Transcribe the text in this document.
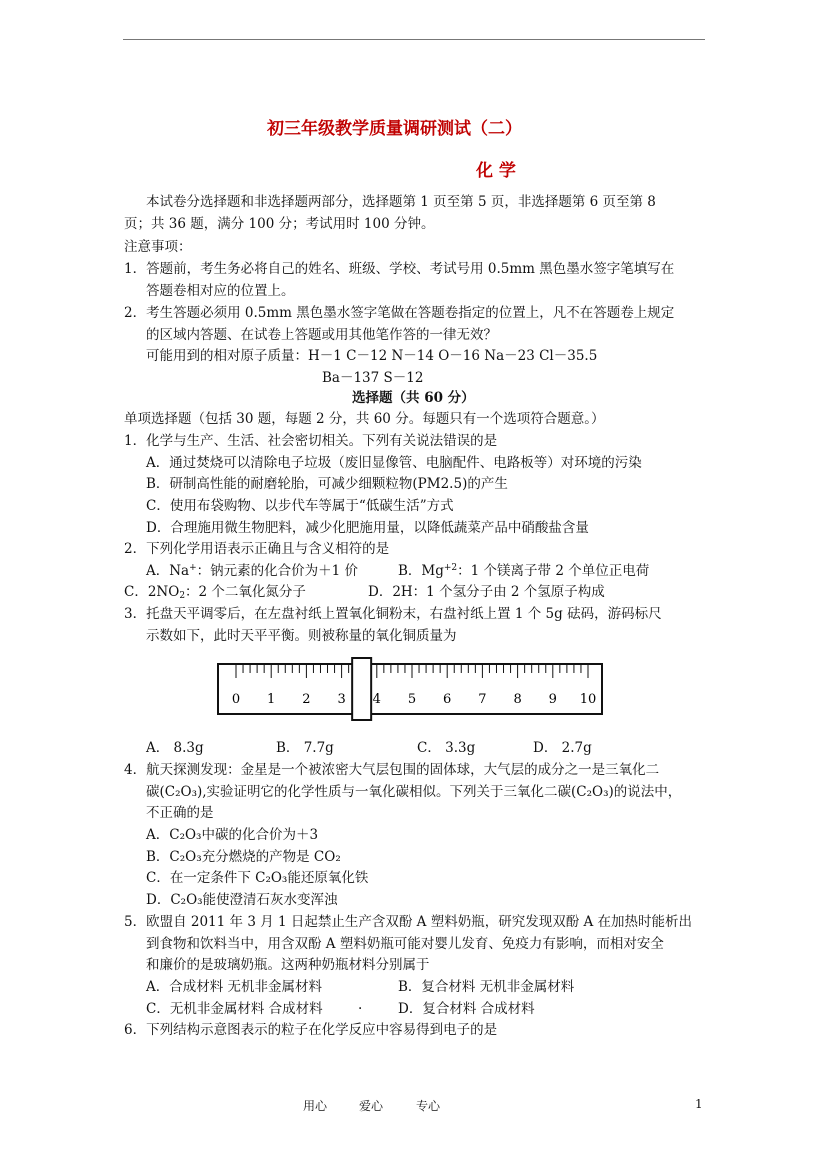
初三年级教学质量调研测试（二）
化 学
本试卷分选择题和非选择题两部分，选择题第 1 页至第 5 页，非选择题第 6 页至第 8
页；共 36 题，满分 100 分；考试用时 100 分钟。
注意事项：
1．答题前，考生务必将自己的姓名、班级、学校、考试号用 0.5mm 黑色墨水签字笔填写在
答题卷相对应的位置上。
2．考生答题必须用 0.5mm 黑色墨水签字笔做在答题卷指定的位置上，凡不在答题卷上规定
的区域内答题、在试卷上答题或用其他笔作答的一律无效？
可能用到的相对原子质量：H－1 C－12 N－14 O－16 Na－23 Cl－35.5
Ba－137 S－12
选择题（共 60 分）
单项选择题（包括 30 题，每题 2 分，共 60 分。每题只有一个选项符合题意。）
1．化学与生产、生活、社会密切相关。下列有关说法错误的是
A．通过焚烧可以清除电子垃圾（废旧显像管、电脑配件、电路板等）对环境的污染
B．研制高性能的耐磨轮胎，可减少细颗粒物(PM2.5)的产生
C．使用布袋购物、以步代车等属于“低碳生活”方式
D．合理施用微生物肥料，减少化肥施用量，以降低蔬菜产品中硝酸盐含量
2．下列化学用语表示正确且与含义相符的是
A．Na+：钠元素的化合价为＋1 价	B．$Mg^{+2}$：1 个镁离子带 2 个单位正电荷
C．$2NO_2$：2 个二氧化氮分子	D．2H：1 个氢分子由 2 个氢原子构成
3．托盘天平调零后，在左盘衬纸上置氧化铜粉末，右盘衬纸上置 1 个 5g 砝码，游码标尺
示数如下，此时天平平衡。则被称量的氧化铜质量为
0 1 2 3 4 5 6 7 8 9 10
A． 8.3g	B． 7.7g	C． 3.3g	D． 2.7g
4．航天探测发现：金星是一个被浓密大气层包围的固体球，大气层的成分之一是三氧化二
碳(C₂O₃),实验证明它的化学性质与一氧化碳相似。下列关于三氧化二碳(C₂O₃)的说法中，
不正确的是
A．C₂O₃中碳的化合价为＋3
B．C₂O₃充分燃烧的产物是 CO₂
C．在一定条件下 C₂O₃能还原氧化铁
D．C₂O₃能使澄清石灰水变浑浊
5．欧盟自 2011 年 3 月 1 日起禁止生产含双酚 A 塑料奶瓶，研究发现双酚 A 在加热时能析出
到食物和饮料当中，用含双酚 A 塑料奶瓶可能对婴儿发育、免疫力有影响，而相对安全
和廉价的是玻璃奶瓶。这两种奶瓶材料分别属于
A．合成材料 无机非金属材料	B．复合材料 无机非金属材料
C．无机非金属材料 合成材料	.	D．复合材料 合成材料
6．下列结构示意图表示的粒子在化学反应中容易得到电子的是
用心	爱心	专心	1
